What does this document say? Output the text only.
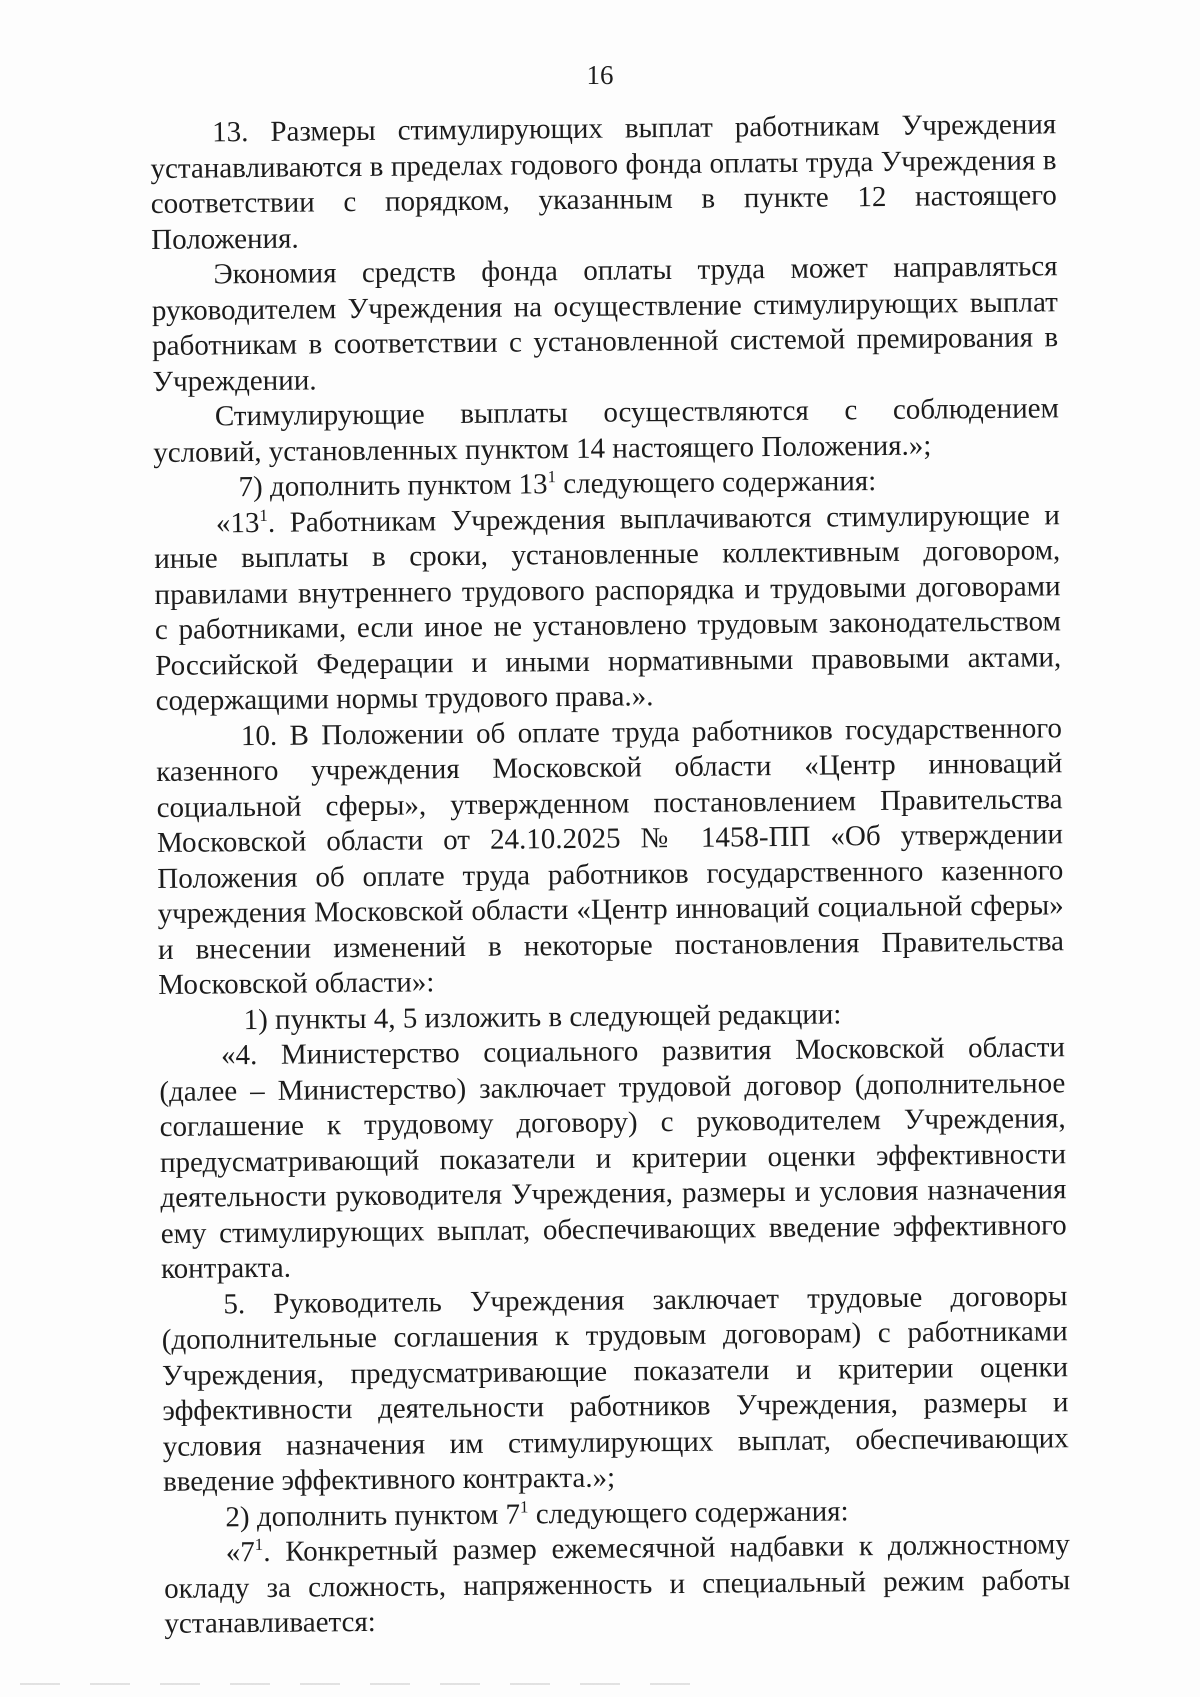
16

13. Размеры стимулирующих выплат работникам Учреждения устанавливаются в пределах годового фонда оплаты труда Учреждения в соответствии с порядком, указанным в пункте 12 настоящего Положения.

Экономия средств фонда оплаты труда может направляться руководителем Учреждения на осуществление стимулирующих выплат работникам в соответствии с установленной системой премирования в Учреждении.

Стимулирующие выплаты осуществляются с соблюдением условий, установленных пунктом 14 настоящего Положения.»;

7) дополнить пунктом $13^1$ следующего содержания:

«$13^1$. Работникам Учреждения выплачиваются стимулирующие и иные выплаты в сроки, установленные коллективным договором, правилами внутреннего трудового распорядка и трудовыми договорами с работниками, если иное не установлено трудовым законодательством Российской Федерации и иными нормативными правовыми актами, содержащими нормы трудового права.».

10. В Положении об оплате труда работников государственного казенного учреждения Московской области «Центр инноваций социальной сферы», утвержденном постановлением Правительства Московской области от 24.10.2025 № 1458-ПП «Об утверждении Положения об оплате труда работников государственного казенного учреждения Московской области «Центр инноваций социальной сферы» и внесении изменений в некоторые постановления Правительства Московской области»:

1) пункты 4, 5 изложить в следующей редакции:

«4. Министерство социального развития Московской области (далее – Министерство) заключает трудовой договор (дополнительное соглашение к трудовому договору) с руководителем Учреждения, предусматривающий показатели и критерии оценки эффективности деятельности руководителя Учреждения, размеры и условия назначения ему стимулирующих выплат, обеспечивающих введение эффективного контракта.

5. Руководитель Учреждения заключает трудовые договоры (дополнительные соглашения к трудовым договорам) с работниками Учреждения, предусматривающие показатели и критерии оценки эффективности деятельности работников Учреждения, размеры и условия назначения им стимулирующих выплат, обеспечивающих введение эффективного контракта.»;

2) дополнить пунктом $7^1$ следующего содержания:

«$7^1$. Конкретный размер ежемесячной надбавки к должностному окладу за сложность, напряженность и специальный режим работы устанавливается:
